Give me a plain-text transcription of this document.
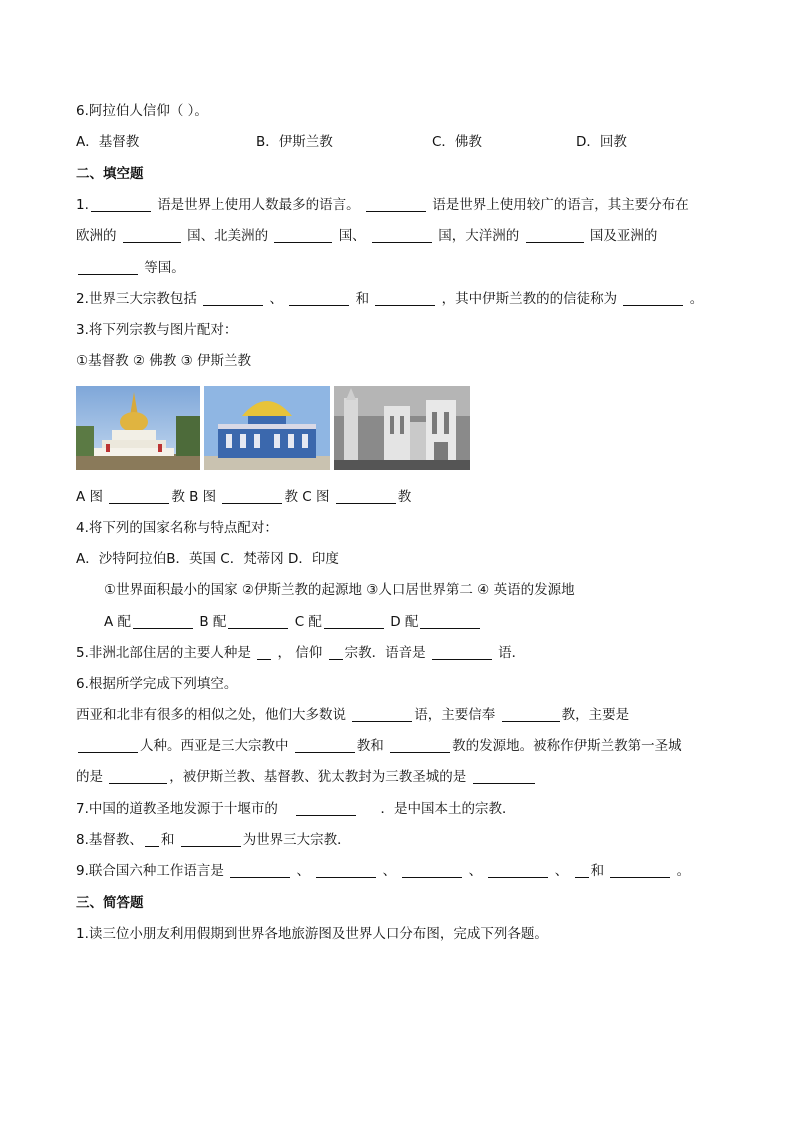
6.阿拉伯人信仰（ ）。
A．基督教	B．伊斯兰教	C．佛教	D．回教
二、填空题
1.	语是世界上使用人数最多的语言。	语是世界上使用较广的语言，其主要分布在
欧洲的	国、北美洲的	国、	国，大洋洲的	国及亚洲的
等国。
2.世界三大宗教包括	、	和	，其中伊斯兰教的的信徒称为	。
3.将下列宗教与图片配对：
①基督教 ② 佛教 ③ 伊斯兰教
A 图	教 B 图	教 C 图	教
4.将下列的国家名称与特点配对：
A．沙特阿拉伯B．英国 C．梵蒂冈 D．印度
①世界面积最小的国家 ②伊斯兰教的起源地 ③人口居世界第二 ④ 英语的发源地
A 配	B 配	C 配	D 配
5.非洲北部住居的主要人种是 ， 信仰 宗教．语音是	语．
6.根据所学完成下列填空。
西亚和北非有很多的相似之处，他们大多数说	语，主要信奉	教，主要是
人种。西亚是三大宗教中	教和	教的发源地。被称作伊斯兰教第一圣城
的是	，被伊斯兰教、基督教、犹太教封为三教圣城的是
7.中国的道教圣地发源于十堰市的	．是中国本土的宗教．
8.基督教、 和	为世界三大宗教．
9.联合国六种工作语言是	、	、	、	、 和	。
三、简答题
1.读三位小朋友利用假期到世界各地旅游图及世界人口分布图，完成下列各题。
